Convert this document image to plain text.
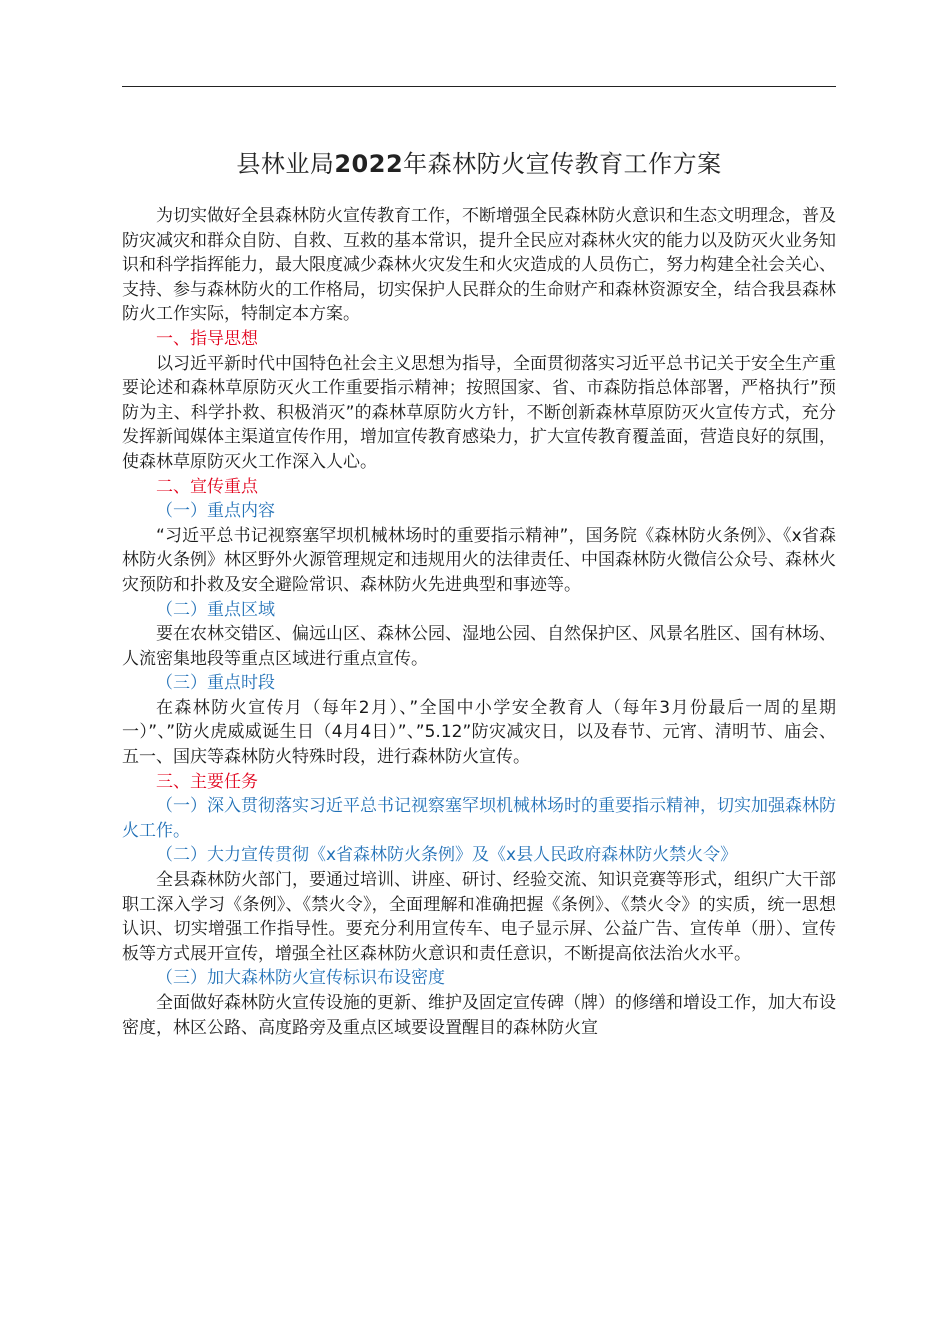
县林业局2022年森林防火宣传教育工作方案

为切实做好全县森林防火宣传教育工作，不断增强全民森林防火意识和生态文明理念，普及防灾减灾和群众自防、自救、互救的基本常识，提升全民应对森林火灾的能力以及防灭火业务知识和科学指挥能力，最大限度减少森林火灾发生和火灾造成的人员伤亡，努力构建全社会关心、支持、参与森林防火的工作格局，切实保护人民群众的生命财产和森林资源安全，结合我县森林防火工作实际，特制定本方案。

一、指导思想

以习近平新时代中国特色社会主义思想为指导，全面贯彻落实习近平总书记关于安全生产重要论述和森林草原防灭火工作重要指示精神；按照国家、省、市森防指总体部署，严格执行”预防为主、科学扑救、积极消灭”的森林草原防火方针，不断创新森林草原防灭火宣传方式，充分发挥新闻媒体主渠道宣传作用，增加宣传教育感染力，扩大宣传教育覆盖面，营造良好的氛围，使森林草原防灭火工作深入人心。

二、宣传重点

（一）重点内容

“习近平总书记视察塞罕坝机械林场时的重要指示精神”，国务院《森林防火条例》、《x省森林防火条例》林区野外火源管理规定和违规用火的法律责任、中国森林防火微信公众号、森林火灾预防和扑救及安全避险常识、森林防火先进典型和事迹等。

（二）重点区域

要在农林交错区、偏远山区、森林公园、湿地公园、自然保护区、风景名胜区、国有林场、人流密集地段等重点区域进行重点宣传。

（三）重点时段

在森林防火宣传月（每年2月）、”全国中小学安全教育人（每年3月份最后一周的星期一）”、”防火虎威威诞生日（4月4日）”、”5.12”防灾减灾日，以及春节、元宵、清明节、庙会、五一、国庆等森林防火特殊时段，进行森林防火宣传。

三、主要任务

（一）深入贯彻落实习近平总书记视察塞罕坝机械林场时的重要指示精神，切实加强森林防火工作。

（二）大力宣传贯彻《x省森林防火条例》及《x县人民政府森林防火禁火令》

全县森林防火部门，要通过培训、讲座、研讨、经验交流、知识竞赛等形式，组织广大干部职工深入学习《条例》、《禁火令》，全面理解和准确把握《条例》、《禁火令》的实质，统一思想认识、切实增强工作指导性。要充分利用宣传车、电子显示屏、公益广告、宣传单（册）、宣传板等方式展开宣传，增强全社区森林防火意识和责任意识，不断提高依法治火水平。

（三）加大森林防火宣传标识布设密度

全面做好森林防火宣传设施的更新、维护及固定宣传碑（牌）的修缮和增设工作，加大布设密度，林区公路、高度路旁及重点区域要设置醒目的森林防火宣
